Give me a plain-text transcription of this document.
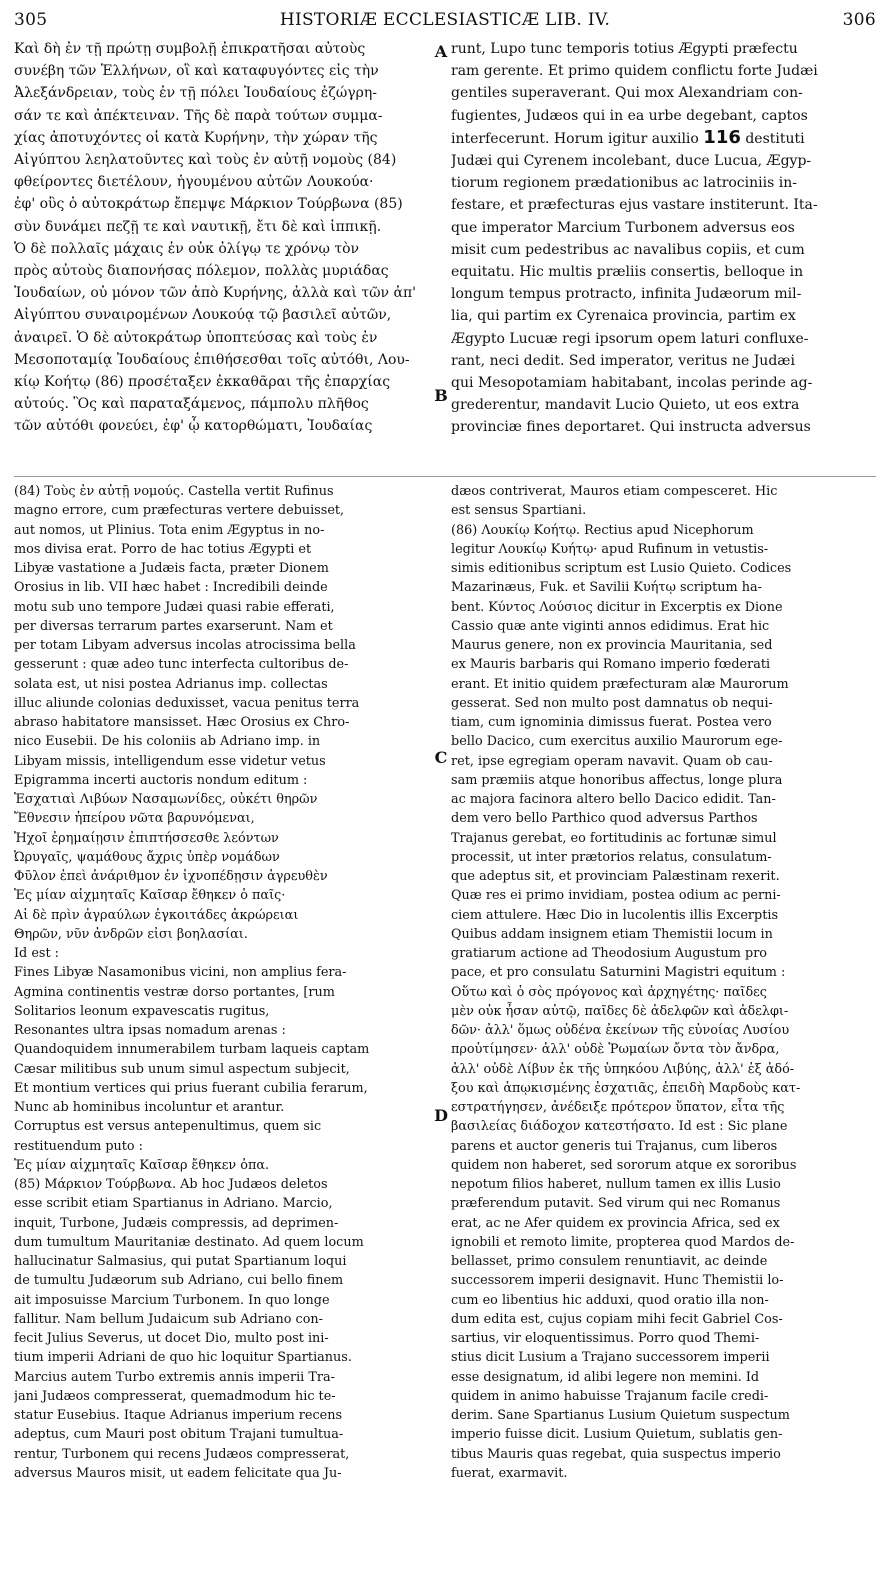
305	HISTORIÆ ECCLESIASTICÆ LIB. IV.	306
A
B
C
D
Καὶ δὴ ἐν τῇ πρώτῃ συμβολῇ ἐπικρατῆσαι αὐτοὺς
συνέβη τῶν Ἑλλήνων, οἳ καὶ καταφυγόντες εἰς τὴν
Ἀλεξάνδρειαν, τοὺς ἐν τῇ πόλει Ἰουδαίους ἐζώγρη-
σάν τε καὶ ἀπέκτειναν. Τῆς δὲ παρὰ τούτων συμμα-
χίας ἀποτυχόντες οἱ κατὰ Κυρήνην, τὴν χώραν τῆς
Αἰγύπτου λεηλατοῦντες καὶ τοὺς ἐν αὐτῇ νομοὺς (84)
φθείροντες διετέλουν, ἡγουμένου αὐτῶν Λουκούα·
ἐφ' οὓς ὁ αὐτοκράτωρ ἔπεμψε Μάρκιον Τούρβωνα (85)
σὺν δυνάμει πεζῇ τε καὶ ναυτικῇ, ἔτι δὲ καὶ ἱππικῇ.
Ὁ δὲ πολλαῖς μάχαις ἐν οὐκ ὀλίγῳ τε χρόνῳ τὸν
πρὸς αὐτοὺς διαπονήσας πόλεμον, πολλὰς μυριάδας
Ἰουδαίων, οὐ μόνον τῶν ἀπὸ Κυρήνης, ἀλλὰ καὶ τῶν ἀπ'
Αἰγύπτου συναιρομένων Λουκούᾳ τῷ βασιλεῖ αὐτῶν,
ἀναιρεῖ. Ὁ δὲ αὐτοκράτωρ ὑποπτεύσας καὶ τοὺς ἐν
Μεσοποταμίᾳ Ἰουδαίους ἐπιθήσεσθαι τοῖς αὐτόθι, Λου-
κίῳ Κοήτῳ (86) προσέταξεν ἐκκαθᾶραι τῆς ἐπαρχίας
αὐτούς. Ὃς καὶ παραταξάμενος, πάμπολυ πλῆθος
τῶν αὐτόθι φονεύει, ἐφ' ᾧ κατορθώματι, Ἰουδαίας
runt, Lupo tunc temporis totius Ægypti præfectu
ram gerente. Et primo quidem conflictu forte Judæi
gentiles superaverant. Qui mox Alexandriam con-
fugientes, Judæos qui in ea urbe degebant, captos
interfecerunt. Horum igitur auxilio 116 destituti
Judæi qui Cyrenem incolebant, duce Lucua, Ægyp-
tiorum regionem prædationibus ac latrociniis in-
festare, et præfecturas ejus vastare institerunt. Ita-
que imperator Marcium Turbonem adversus eos
misit cum pedestribus ac navalibus copiis, et cum
equitatu. Hic multis præliis consertis, belloque in
longum tempus protracto, infinita Judæorum mil-
lia, qui partim ex Cyrenaica provincia, partim ex
Ægypto Lucuæ regi ipsorum opem laturi confluxe-
rant, neci dedit. Sed imperator, veritus ne Judæi
qui Mesopotamiam habitabant, incolas perinde ag-
grederentur, mandavit Lucio Quieto, ut eos extra
provinciæ fines deportaret. Qui instructa adversus
(84) Τοὺς ἐν αὐτῇ νομούς. Castella vertit Rufinus
magno errore, cum præfecturas vertere debuisset,
aut nomos, ut Plinius. Tota enim Ægyptus in no-
mos divisa erat. Porro de hac totius Ægypti et
Libyæ vastatione a Judæis facta, præter Dionem
Orosius in lib. VII hæc habet : Incredibili deinde
motu sub uno tempore Judæi quasi rabie efferati,
per diversas terrarum partes exarserunt. Nam et
per totam Libyam adversus incolas atrocissima bella
gesserunt : quæ adeo tunc interfecta cultoribus de-
solata est, ut nisi postea Adrianus imp. collectas
illuc aliunde colonias deduxisset, vacua penitus terra
abraso habitatore mansisset. Hæc Orosius ex Chro-
nico Eusebii. De his coloniis ab Adriano imp. in
Libyam missis, intelligendum esse videtur vetus
Epigramma incerti auctoris nondum editum :
Ἐσχατιαὶ Λιβύων Νασαμωνίδες, οὐκέτι θηρῶν
Ἔθνεσιν ἠπείρου νῶτα βαρυνόμεναι,
Ἠχοῖ ἐρημαίῃσιν ἐπιπτήσσεσθε λεόντων
Ὠρυγαῖς, ψαμάθους ἄχρις ὑπὲρ νομάδων
Φῦλον ἐπεὶ ἀνάριθμον ἐν ἰχνοπέδῃσιν ἀγρευθὲν
Ἐς μίαν αἰχμηταῖς Καῖσαρ ἔθηκεν ὁ παῖς·
Αἱ δὲ πρὶν ἀγραύλων ἐγκοιτάδες ἀκρώρειαι
Θηρῶν, νῦν ἀνδρῶν εἰσι βοηλασίαι.
Id est :
Fines Libyæ Nasamonibus vicini, non amplius fera-
Agmina continentis vestræ dorso portantes, [rum
Solitarios leonum expavescatis rugitus,
Resonantes ultra ipsas nomadum arenas :
Quandoquidem innumerabilem turbam laqueis captam
Cæsar militibus sub unum simul aspectum subjecit,
Et montium vertices qui prius fuerant cubilia ferarum,
Nunc ab hominibus incoluntur et arantur.
Corruptus est versus antepenultimus, quem sic
restituendum puto :
Ἐς μίαν αἰχμηταῖς Καῖσαρ ἔθηκεν ὀπα.
(85) Μάρκιον Τούρβωνα. Ab hoc Judæos deletos
esse scribit etiam Spartianus in Adriano. Marcio,
inquit, Turbone, Judæis compressis, ad deprimen-
dum tumultum Mauritaniæ destinato. Ad quem locum
hallucinatur Salmasius, qui putat Spartianum loqui
de tumultu Judæorum sub Adriano, cui bello finem
ait imposuisse Marcium Turbonem. In quo longe
fallitur. Nam bellum Judaicum sub Adriano con-
fecit Julius Severus, ut docet Dio, multo post ini-
tium imperii Adriani de quo hic loquitur Spartianus.
Marcius autem Turbo extremis annis imperii Tra-
jani Judæos compresserat, quemadmodum hic te-
statur Eusebius. Itaque Adrianus imperium recens
adeptus, cum Mauri post obitum Trajani tumultua-
rentur, Turbonem qui recens Judæos compresserat,
adversus Mauros misit, ut eadem felicitate qua Ju-
dæos contriverat, Mauros etiam compesceret. Hic
est sensus Spartiani.
(86) Λουκίῳ Κοήτῳ. Rectius apud Nicephorum
legitur Λουκίῳ Κυήτῳ· apud Rufinum in vetustis-
simis editionibus scriptum est Lusio Quieto. Codices
Mazarinæus, Fuk. et Savilii Κυήτῳ scriptum ha-
bent. Κύντος Λούσιος dicitur in Excerptis ex Dione
Cassio quæ ante viginti annos edidimus. Erat hic
Maurus genere, non ex provincia Mauritania, sed
ex Mauris barbaris qui Romano imperio fœderati
erant. Et initio quidem præfecturam alæ Maurorum
gesserat. Sed non multo post damnatus ob nequi-
tiam, cum ignominia dimissus fuerat. Postea vero
bello Dacico, cum exercitus auxilio Maurorum ege-
ret, ipse egregiam operam navavit. Quam ob cau-
sam præmiis atque honoribus affectus, longe plura
ac majora facinora altero bello Dacico edidit. Tan-
dem vero bello Parthico quod adversus Parthos
Trajanus gerebat, eo fortitudinis ac fortunæ simul
processit, ut inter prætorios relatus, consulatum-
que adeptus sit, et provinciam Palæstinam rexerit.
Quæ res ei primo invidiam, postea odium ac perni-
ciem attulere. Hæc Dio in lucolentis illis Excerptis
Quibus addam insignem etiam Themistii locum in
gratiarum actione ad Theodosium Augustum pro
pace, et pro consulatu Saturnini Magistri equitum :
Οὕτω καὶ ὁ σὸς πρόγονος καὶ ἀρχηγέτης· παῖδες
μὲν οὐκ ἦσαν αὐτῷ, παῖδες δὲ ἀδελφῶν καὶ ἀδελφι-
δῶν· ἀλλ' ὅμως οὐδένα ἐκείνων τῆς εὐνοίας Λυσίου
προὐτίμησεν· ἀλλ' οὐδὲ Ῥωμαίων ὄντα τὸν ἄνδρα,
ἀλλ' οὐδὲ Λίβυν ἐκ τῆς ὑπηκόου Λιβύης, ἀλλ' ἐξ ἀδό-
ξου καὶ ἀπῳκισμένης ἐσχατιᾶς, ἐπειδὴ Μαρδοὺς κατ-
εστρατήγησεν, ἀνέδειξε πρότερον ὕπατον, εἶτα τῆς
βασιλείας διάδοχον κατεστήσατο. Id est : Sic plane
parens et auctor generis tui Trajanus, cum liberos
quidem non haberet, sed sororum atque ex sororibus
nepotum filios haberet, nullum tamen ex illis Lusio
præferendum putavit. Sed virum qui nec Romanus
erat, ac ne Afer quidem ex provincia Africa, sed ex
ignobili et remoto limite, propterea quod Mardos de-
bellasset, primo consulem renuntiavit, ac deinde
successorem imperii designavit. Hunc Themistii lo-
cum eo libentius hic adduxi, quod oratio illa non-
dum edita est, cujus copiam mihi fecit Gabriel Cos-
sartius, vir eloquentissimus. Porro quod Themi-
stius dicit Lusium a Trajano successorem imperii
esse designatum, id alibi legere non memini. Id
quidem in animo habuisse Trajanum facile credi-
derim. Sane Spartianus Lusium Quietum suspectum
imperio fuisse dicit. Lusium Quietum, sublatis gen-
tibus Mauris quas regebat, quia suspectus imperio
fuerat, exarmavit.
